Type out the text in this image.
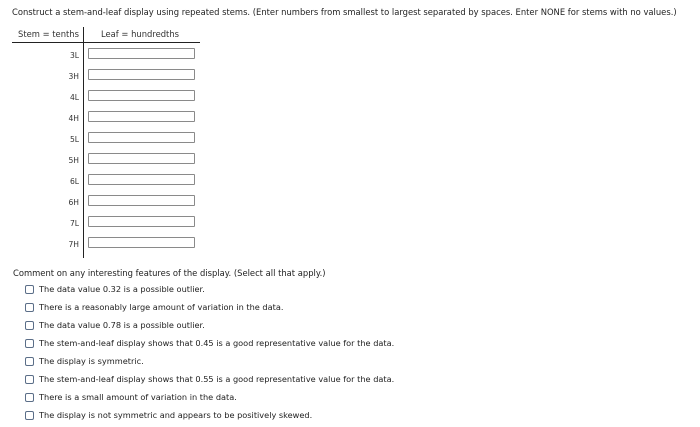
Construct a stem-and-leaf display using repeated stems. (Enter numbers from smallest to largest separated by spaces. Enter NONE for stems with no values.)
Stem = tenths	Leaf = hundredths
3L
3H
4L
4H
5L
5H
6L
6H
7L
7H
Comment on any interesting features of the display. (Select all that apply.)
The data value 0.32 is a possible outlier.
There is a reasonably large amount of variation in the data.
The data value 0.78 is a possible outlier.
The stem-and-leaf display shows that 0.45 is a good representative value for the data.
The display is symmetric.
The stem-and-leaf display shows that 0.55 is a good representative value for the data.
There is a small amount of variation in the data.
The display is not symmetric and appears to be positively skewed.
